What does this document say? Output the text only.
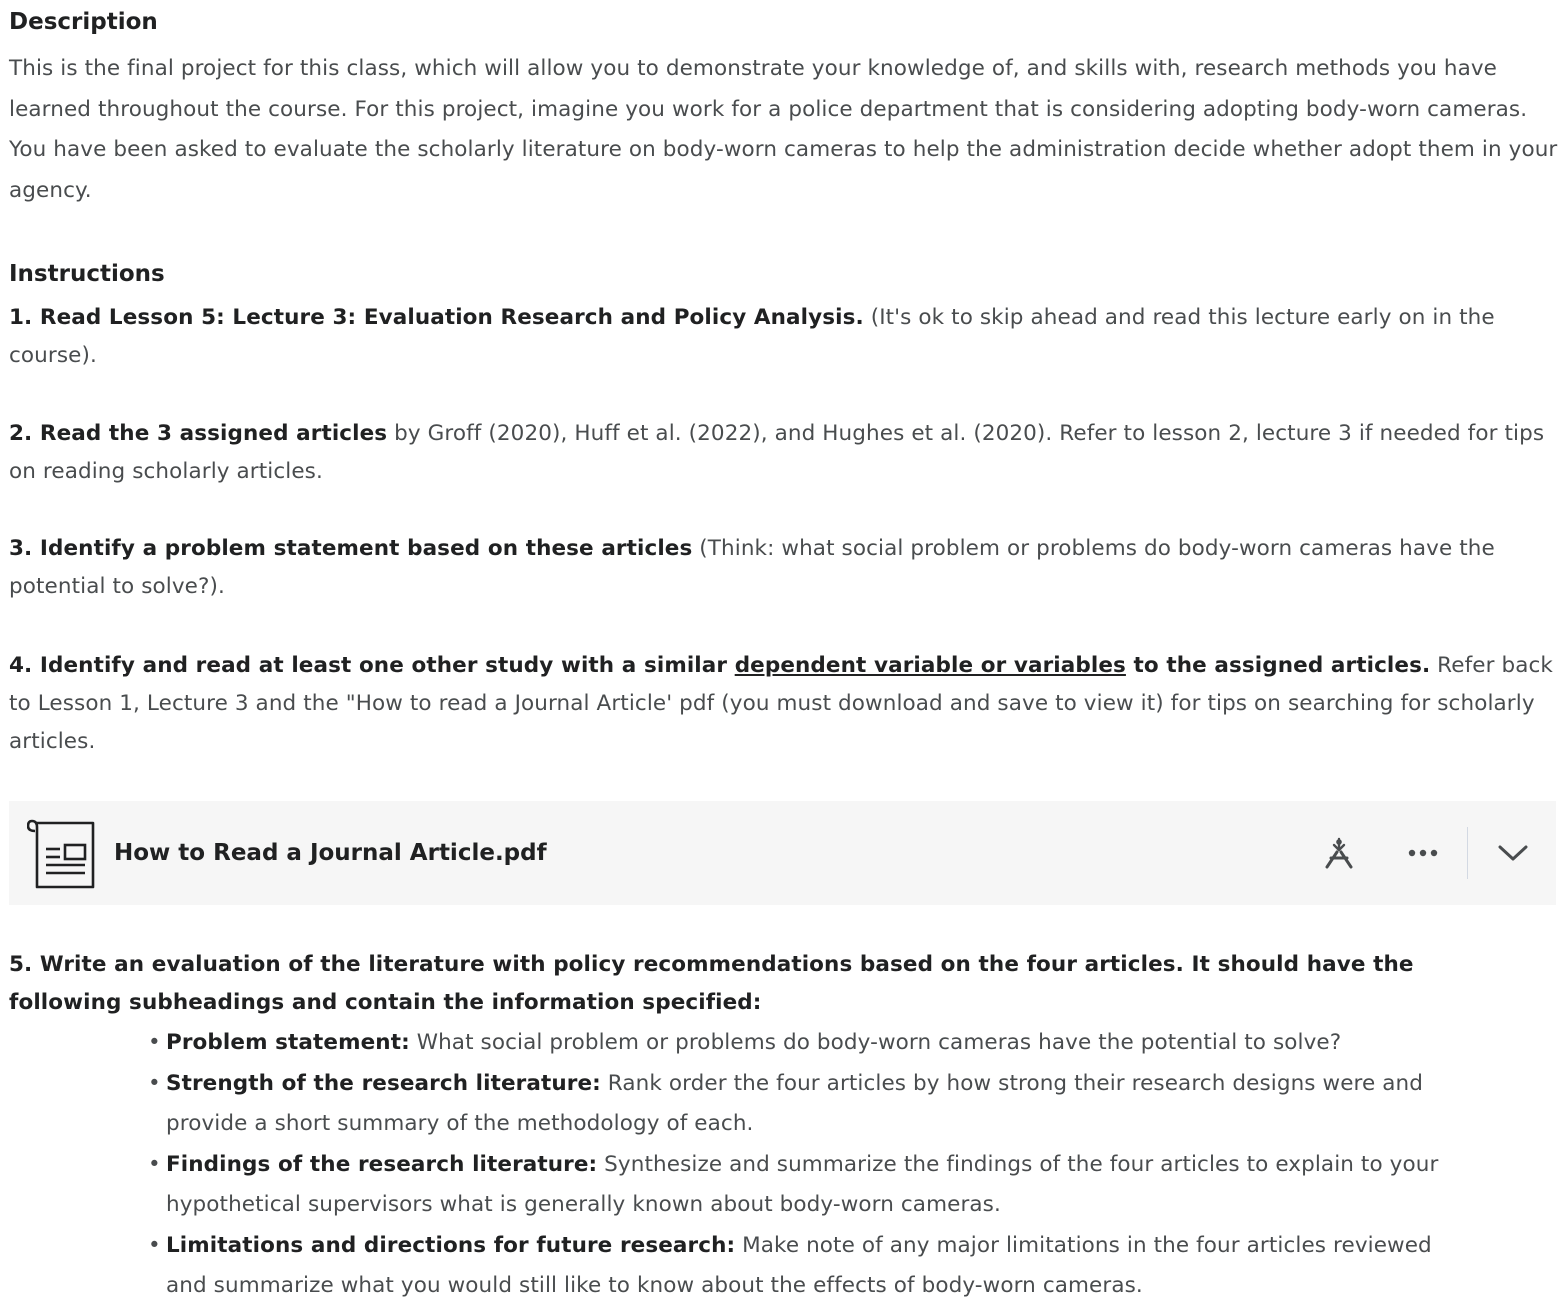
Description

This is the final project for this class, which will allow you to demonstrate your knowledge of, and skills with, research methods you have learned throughout the course. For this project, imagine you work for a police department that is considering adopting body-worn cameras. You have been asked to evaluate the scholarly literature on body-worn cameras to help the administration decide whether adopt them in your agency.

Instructions

1. Read Lesson 5: Lecture 3: Evaluation Research and Policy Analysis. (It's ok to skip ahead and read this lecture early on in the course).

2. Read the 3 assigned articles by Groff (2020), Huff et al. (2022), and Hughes et al. (2020). Refer to lesson 2, lecture 3 if needed for tips on reading scholarly articles.

3. Identify a problem statement based on these articles (Think: what social problem or problems do body-worn cameras have the potential to solve?).

4. Identify and read at least one other study with a similar dependent variable or variables to the assigned articles. Refer back to Lesson 1, Lecture 3 and the "How to read a Journal Article' pdf (you must download and save to view it) for tips on searching for scholarly articles.

How to Read a Journal Article.pdf

5. Write an evaluation of the literature with policy recommendations based on the four articles. It should have the following subheadings and contain the information specified:

• Problem statement: What social problem or problems do body-worn cameras have the potential to solve?
• Strength of the research literature: Rank order the four articles by how strong their research designs were and provide a short summary of the methodology of each.
• Findings of the research literature: Synthesize and summarize the findings of the four articles to explain to your hypothetical supervisors what is generally known about body-worn cameras.
• Limitations and directions for future research: Make note of any major limitations in the four articles reviewed and summarize what you would still like to know about the effects of body-worn cameras.
